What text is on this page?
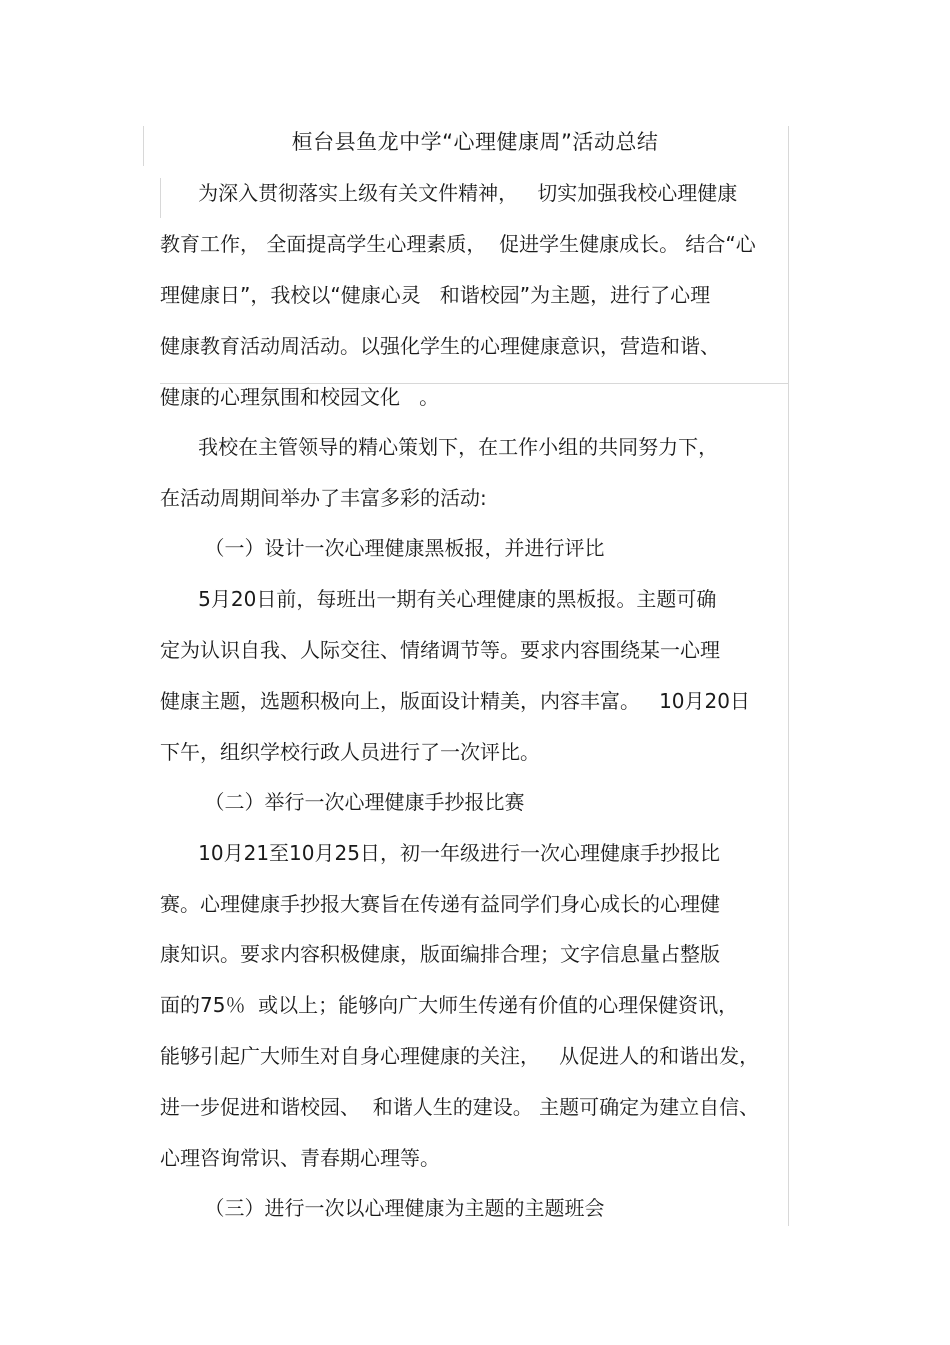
桓台县鱼龙中学“心理健康周”活动总结
为深入贯彻落实上级有关文件精神，   切实加强我校心理健康
教育工作， 全面提高学生心理素质，  促进学生健康成长。 结合“心
理健康日”，我校以“健康心灵   和谐校园”为主题，进行了心理
健康教育活动周活动。以强化学生的心理健康意识，营造和谐、
健康的心理氛围和校园文化   。
我校在主管领导的精心策划下，在工作小组的共同努力下，
在活动周期间举办了丰富多彩的活动:
（一）设计一次心理健康黑板报，并进行评比
5月20日前，每班出一期有关心理健康的黑板报。主题可确
定为认识自我、人际交往、情绪调节等。要求内容围绕某一心理
健康主题，选题积极向上，版面设计精美，内容丰富。   10月20日
下午，组织学校行政人员进行了一次评比。
（二）举行一次心理健康手抄报比赛
10月21至10月25日，初一年级进行一次心理健康手抄报比
赛。心理健康手抄报大赛旨在传递有益同学们身心成长的心理健
康知识。要求内容积极健康，版面编排合理；文字信息量占整版
面的75％  或以上；能够向广大师生传递有价值的心理保健资讯，
能够引起广大师生对自身心理健康的关注，   从促进人的和谐出发，
进一步促进和谐校园、  和谐人生的建设。 主题可确定为建立自信、
心理咨询常识、青春期心理等。
（三）进行一次以心理健康为主题的主题班会
